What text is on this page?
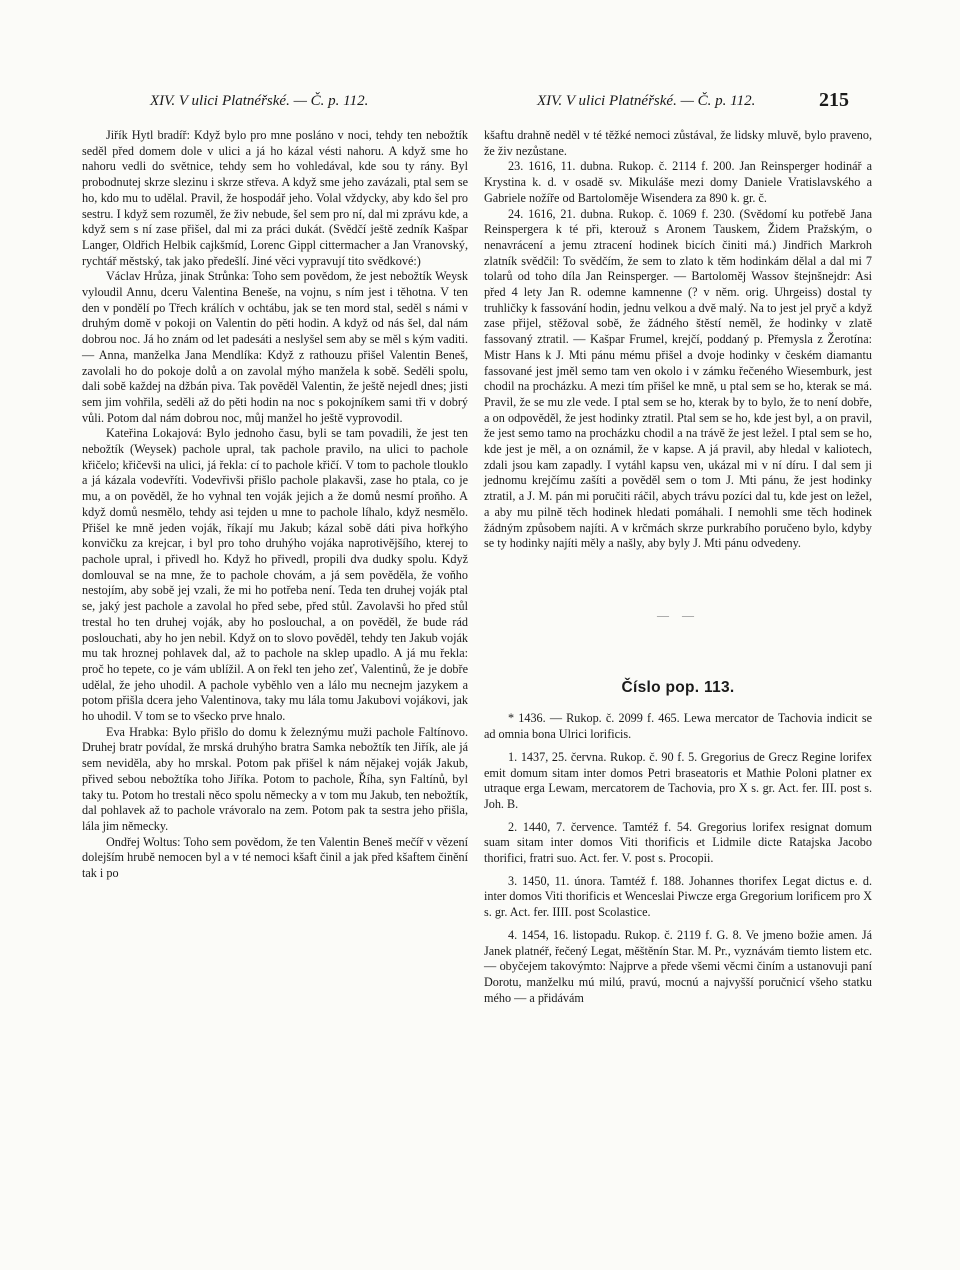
XIV. V ulici Platnéřské. — Č. p. 112.	XIV. V ulici Platnéřské. — Č. p. 112.	215

Jiřík Hytl bradíř: Když bylo pro mne posláno v noci, tehdy ten nebožtík seděl před domem dole v ulici a já ho kázal vésti nahoru. A když sme ho nahoru vedli do světnice, tehdy sem ho vohledával, kde sou ty rány. Byl probodnutej skrze slezinu i skrze střeva. A když sme jeho zavázali, ptal sem se ho, kdo mu to udělal. Pravil, že hospodář jeho. Volal vždycky, aby kdo šel pro sestru. I když sem rozuměl, že živ nebude, šel sem pro ní, dal mi zprávu kde, a když sem s ní zase přišel, dal mi za práci dukát. (Svědčí ještě zedník Kašpar Langer, Oldřich Helbik cajkšmíd, Lorenc Gippl cittermacher a Jan Vranovský, rychtář městský, tak jako předešlí. Jiné věci vypravují tito svědkové:)

Václav Hrůza, jinak Strůnka: Toho sem povědom, že jest nebožtík Weysk vyloudil Annu, dceru Valentina Beneše, na vojnu, s ním jest i těhotna. V ten den v pondělí po Třech králích v ochtábu, jak se ten mord stal, seděl s námi v druhým domě v pokoji on Valentin do pěti hodin. A když od nás šel, dal nám dobrou noc. Já ho znám od let padesáti a neslyšel sem aby se měl s kým vaditi. — Anna, manželka Jana Mendlíka: Když z rathouzu přišel Valentin Beneš, zavolali ho do pokoje dolů a on zavolal mýho manžela k sobě. Seděli spolu, dali sobě každej na džbán piva. Tak pověděl Valentin, že ještě nejedl dnes; jisti sem jim vohřila, seděli až do pěti hodin na noc s pokojníkem sami tři v dobrý vůli. Potom dal nám dobrou noc, můj manžel ho ještě vyprovodil.

Kateřina Lokajová: Bylo jednoho času, byli se tam povadili, že jest ten nebožtík (Weysek) pachole upral, tak pachole pravilo, na ulici to pachole křičelo; křičevši na ulici, já řekla: cí to pachole křičí. V tom to pachole tlouklo a já kázala vodevříti. Vodevřivši přišlo pachole plakavši, zase ho ptala, co je mu, a on pověděl, že ho vyhnal ten voják jejich a že domů nesmí proňho. A když domů nesmělo, tehdy asi tejden u mne to pachole líhalo, když nesmělo. Přišel ke mně jeden voják, říkají mu Jakub; kázal sobě dáti piva hořkýho konvičku za krejcar, i byl pro toho druhýho vojáka naprotivějšího, kterej to pachole upral, i přivedl ho. Když ho přivedl, propili dva dudky spolu. Když domlouval se na mne, že to pachole chovám, a já sem pověděla, že voňho nestojím, aby sobě jej vzali, že mi ho potřeba není. Teda ten druhej voják ptal se, jaký jest pachole a zavolal ho před sebe, před stůl. Zavolavši ho před stůl trestal ho ten druhej voják, aby ho poslouchal, a on pověděl, že bude rád poslouchati, aby ho jen nebil. Když on to slovo pověděl, tehdy ten Jakub voják mu tak hroznej pohlavek dal, až to pachole na sklep upadlo. A já mu řekla: proč ho tepete, co je vám ublížil. A on řekl ten jeho zeť, Valentinů, že je dobře udělal, že jeho uhodil. A pachole vyběhlo ven a lálo mu necnejm jazykem a potom přišla dcera jeho Valentinova, taky mu lála tomu Jakubovi vojákovi, jak ho uhodil. V tom se to všecko prve hnalo.

Eva Hrabka: Bylo přišlo do domu k železnýmu muži pachole Faltínovo. Druhej bratr povídal, že mrská druhýho bratra Samka nebožtík ten Jiřík, ale já sem neviděla, aby ho mrskal. Potom pak přišel k nám nějakej voják Jakub, přived sebou nebožtíka toho Jiříka. Potom to pachole, Říha, syn Faltínů, byl taky tu. Potom ho trestali něco spolu německy a v tom mu Jakub, ten nebožtík, dal pohlavek až to pachole vrávoralo na zem. Potom pak ta sestra jeho přišla, lála jim německy.

Ondřej Woltus: Toho sem povědom, že ten Valentin Beneš mečíř v vězení dolejším hrubě nemocen byl a v té nemoci kšaft činil a jak před kšaftem činění tak i po

kšaftu drahně neděl v té těžké nemoci zůstával, že lidsky mluvě, bylo praveno, že živ nezůstane.

23. 1616, 11. dubna. Rukop. č. 2114 f. 200. Jan Reinsperger hodinář a Krystina k. d. v osadě sv. Mikuláše mezi domy Daniele Vratislavského a Gabriele nožíře od Bartoloměje Wisendera za 890 k. gr. č.

24. 1616, 21. dubna. Rukop. č. 1069 f. 230. (Svědomí ku potřebě Jana Reinspergera k té při, kterouž s Aronem Tauskem, Židem Pražským, o nenavrácení a jemu ztracení hodinek bicích činiti má.) Jindřich Markroh zlatník svědčil: To svědčím, že sem to zlato k těm hodinkám dělal a dal mi 7 tolarů od toho díla Jan Reinsperger. — Bartoloměj Wassov štejnšnejdr: Asi před 4 lety Jan R. odemne kamnenne (? v něm. orig. Uhrgeiss) dostal ty truhličky k fassování hodin, jednu velkou a dvě malý. Na to jest jel pryč a když zase přijel, stěžoval sobě, že žádného štěstí neměl, že hodinky v zlatě fassovaný ztratil. — Kašpar Frumel, krejčí, poddaný p. Přemysla z Žerotína: Mistr Hans k J. Mti pánu mému přišel a dvoje hodinky v českém diamantu fassované jest jměl semo tam ven okolo i v zámku řečeného Wiesemburk, jest chodil na procházku. A mezi tím přišel ke mně, u ptal sem se ho, kterak se má. Pravil, že se mu zle vede. I ptal sem se ho, kterak by to bylo, že to není dobře, a on odpověděl, že jest hodinky ztratil. Ptal sem se ho, kde jest byl, a on pravil, že jest semo tamo na procházku chodil a na trávě že jest ležel. I ptal sem se ho, kde jest je měl, a on oznámil, že v kapse. A já pravil, aby hledal v kaliotech, zdali jsou kam zapadly. I vytáhl kapsu ven, ukázal mi v ní díru. I dal sem ji jednomu krejčímu zašíti a pověděl sem o tom J. Mti pánu, že jest hodinky ztratil, a J. M. pán mi poručiti ráčil, abych trávu pozíci dal tu, kde jest on ležel, a aby mu pilně těch hodinek hledati pomáhali. I nemohli sme těch hodinek žádným způsobem najíti. A v krčmách skrze purkrabího poručeno bylo, kdyby se ty hodinky najíti měly a našly, aby byly J. Mti pánu odvedeny.

— —
Číslo pop. 113.

* 1436. — Rukop. č. 2099 f. 465. Lewa mercator de Tachovia indicit se ad omnia bona Ulrici lorificis.

1. 1437, 25. června. Rukop. č. 90 f. 5. Gregorius de Grecz Regine lorifex emit domum sitam inter domos Petri braseatoris et Mathie Poloni platner ex utraque erga Lewam, mercatorem de Tachovia, pro X s. gr. Act. fer. III. post s. Joh. B.

2. 1440, 7. července. Tamtéž f. 54. Gregorius lorifex resignat domum suam sitam inter domos Viti thorificis et Lidmile dicte Ratajska Jacobo thorifici, fratri suo. Act. fer. V. post s. Procopii.

3. 1450, 11. února. Tamtéž f. 188. Johannes thorifex Legat dictus e. d. inter domos Viti thorificis et Wenceslai Piwcze erga Gregorium lorificem pro X s. gr. Act. fer. IIII. post Scolastice.

4. 1454, 16. listopadu. Rukop. č. 2119 f. G. 8. Ve jmeno božie amen. Já Janek platnéř, řečený Legat, měštěnín Star. M. Pr., vyznávám tiemto listem etc. — obyčejem takovýmto: Najprve a přede všemi věcmi činím a ustanovuji paní Dorotu, manželku mú milú, pravú, mocnú a najvyšší poručnicí všeho statku mého — a přidávám
